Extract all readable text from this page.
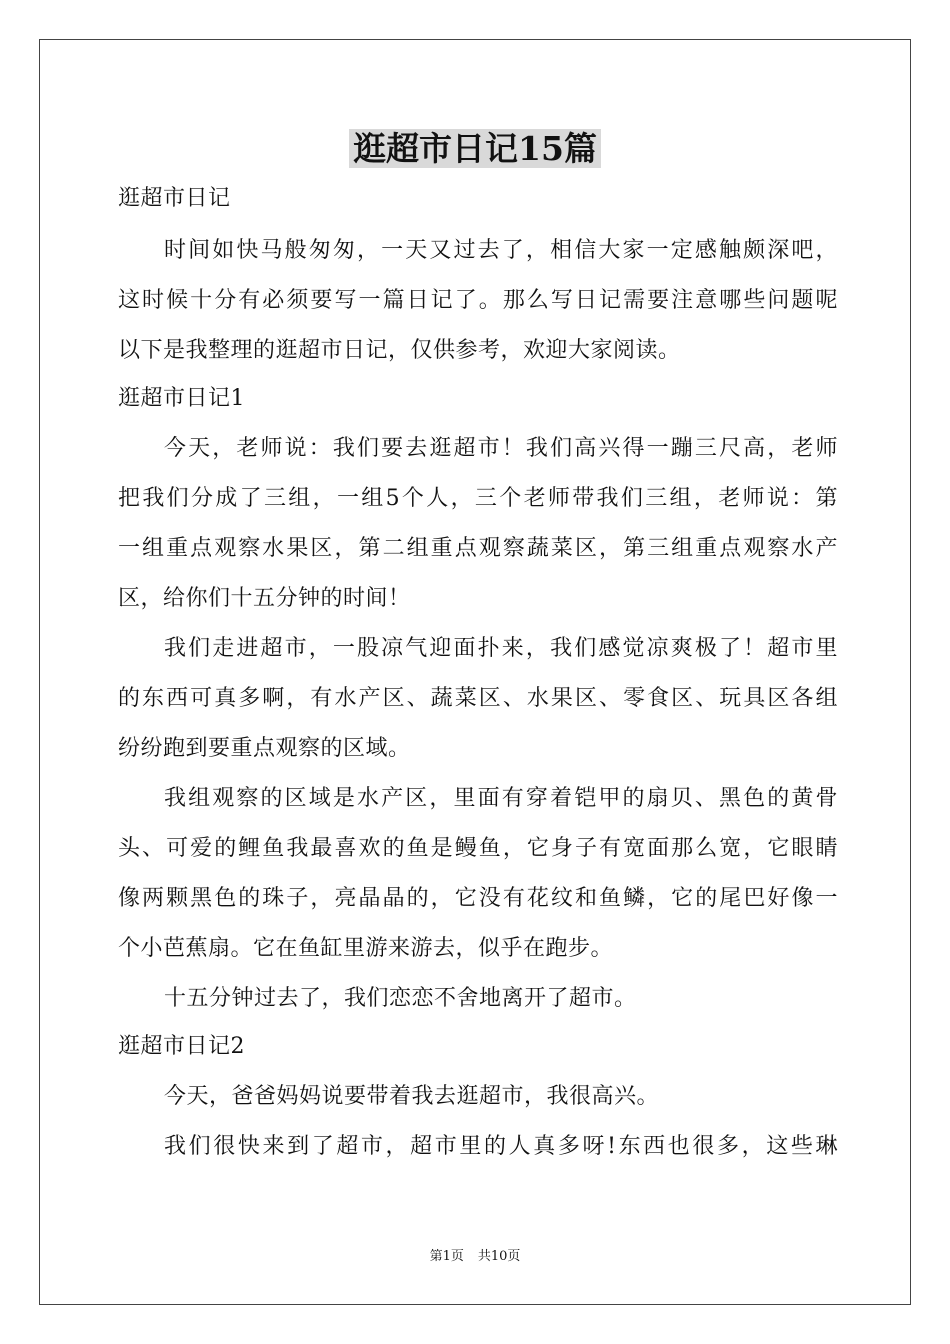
逛超市日记15篇
逛超市日记
时间如快马般匆匆，一天又过去了，相信大家一定感触颇深吧，
这时候十分有必须要写一篇日记了。那么写日记需要注意哪些问题呢
以下是我整理的逛超市日记，仅供参考，欢迎大家阅读。
逛超市日记1
今天，老师说：我们要去逛超市！我们高兴得一蹦三尺高，老师
把我们分成了三组，一组5个人，三个老师带我们三组，老师说：第
一组重点观察水果区，第二组重点观察蔬菜区，第三组重点观察水产
区，给你们十五分钟的时间！
我们走进超市，一股凉气迎面扑来，我们感觉凉爽极了！超市里
的东西可真多啊，有水产区、蔬菜区、水果区、零食区、玩具区各组
纷纷跑到要重点观察的区域。
我组观察的区域是水产区，里面有穿着铠甲的扇贝、黑色的黄骨
头、可爱的鲤鱼我最喜欢的鱼是鳗鱼，它身子有宽面那么宽，它眼睛
像两颗黑色的珠子，亮晶晶的，它没有花纹和鱼鳞，它的尾巴好像一
个小芭蕉扇。它在鱼缸里游来游去，似乎在跑步。
十五分钟过去了，我们恋恋不舍地离开了超市。
逛超市日记2
今天，爸爸妈妈说要带着我去逛超市，我很高兴。
我们很快来到了超市，超市里的人真多呀!东西也很多，这些琳
第1页 共10页
